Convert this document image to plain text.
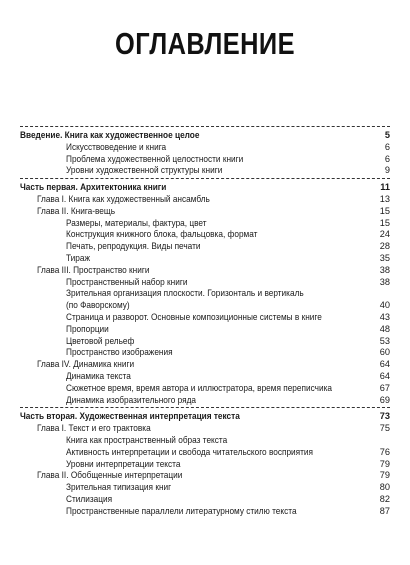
ОГЛАВЛЕНИЕ
Введение. Книга как художественное целое	5
Искусствоведение и книга	6
Проблема художественной целостности книги	6
Уровни художественной структуры книги	9
Часть первая. Архитектоника книги	11
Глава I. Книга как художественный ансамбль	13
Глава II. Книга-вещь	15
Размеры, материалы, фактура, цвет	15
Конструкция книжного блока, фальцовка, формат	24
Печать, репродукция. Виды печати	28
Тираж	35
Глава III. Пространство книги	38
Пространственный набор книги	38
Зрительная организация плоскости. Горизонталь и вертикаль
(по Фаворскому)	40
Страница и разворот. Основные композиционные системы в книге	43
Пропорции	48
Цветовой рельеф	53
Пространство изображения	60
Глава IV. Динамика книги	64
Динамика текста	64
Сюжетное время, время автора и иллюстратора, время переписчика	67
Динамика изобразительного ряда	69
Часть вторая. Художественная интерпретация текста	73
Глава I. Текст и его трактовка	75
Книга как пространственный образ текста
Активность интерпретации и свобода читательского восприятия	76
Уровни интерпретации текста	79
Глава II. Обобщенные интерпретации	79
Зрительная типизация книг	80
Стилизация	82
Пространственные параллели литературному стилю текста	87
